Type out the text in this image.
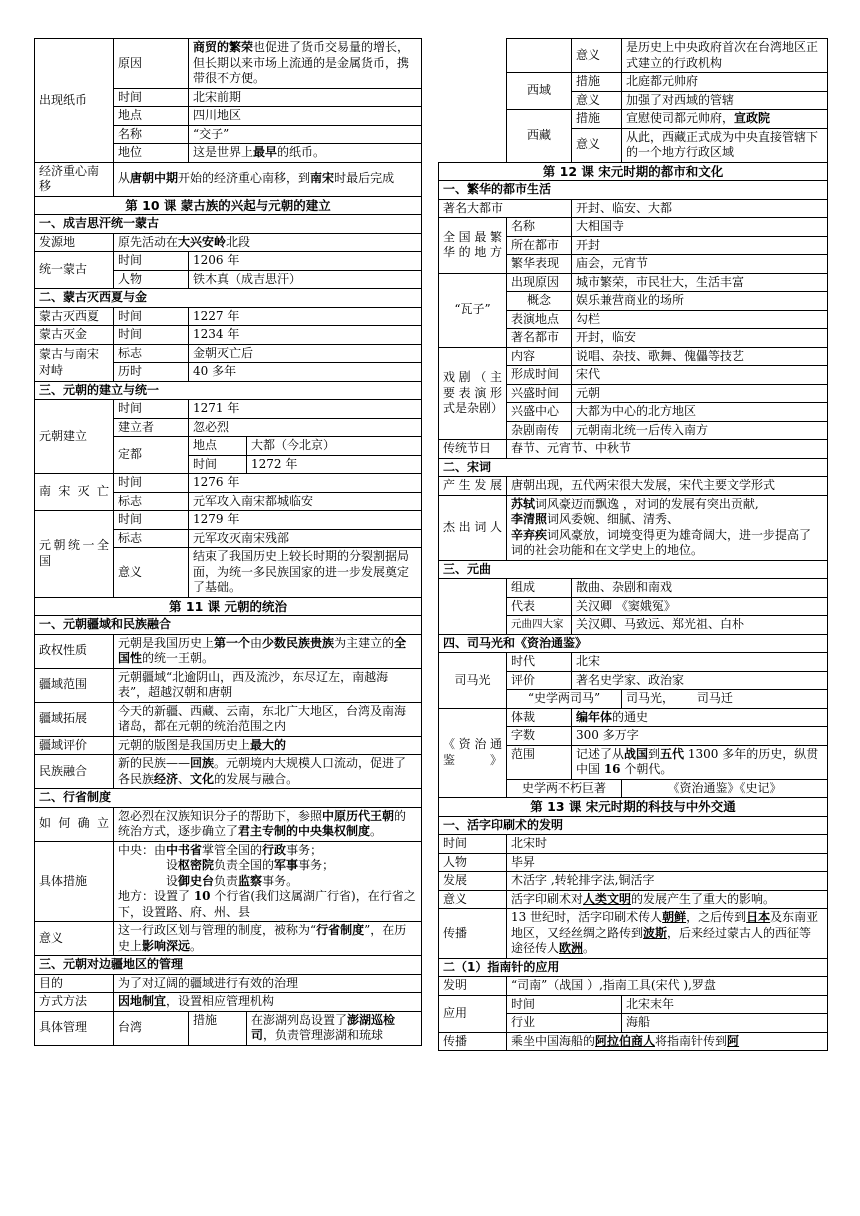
出现纸币	原因	商贸的繁荣也促进了货币交易量的增长，但长期以来市场上流通的是金属货币，携带很不方便。	
	时间	北宋前期	
	地点	四川地区	
	名称	“交子”	
	地位	这是世界上最早的纸币。	
经济重心南移	从唐朝中期开始的经济重心南移，到南宋时最后完成		
第 10 课 蒙古族的兴起与元朝的建立			
一、成吉思汗统一蒙古			
发源地	原先活动在大兴安岭北段		
统一蒙古	时间	1206 年	
	人物	铁木真（成吉思汗）	
二、蒙古灭西夏与金			
蒙古灭西夏	时间	1227 年	
蒙古灭金	时间	1234 年	
蒙古与南宋对峙	标志	金朝灭亡后	
	历时	40 多年	
三、元朝的建立与统一			
元朝建立	时间	1271 年	
	建立者	忽必烈	
	定都	地点	大都（今北京）
		时间	1272 年
南宋灭亡	时间	1276 年	
	标志	元军攻入南宋都城临安	
元朝统一全国	时间	1279 年	
	标志	元军攻灭南宋残部	
	意义	结束了我国历史上较长时期的分裂割据局面，为统一多民族国家的进一步发展奠定了基础。	
第 11 课 元朝的统治			
一、元朝疆域和民族融合			
政权性质	元朝是我国历史上第一个由少数民族贵族为主建立的全国性的统一王朝。		
疆域范围	元朝疆域“北逾阴山，西及流沙，东尽辽左，南越海表”，超越汉朝和唐朝		
疆域拓展	今天的新疆、西藏、云南，东北广大地区，台湾及南海诸岛，都在元朝的统治范围之内		
疆域评价	元朝的版图是我国历史上最大的		
民族融合	新的民族——回族。元朝境内大规模人口流动，促进了各民族经济、文化的发展与融合。		
二、行省制度			
如何确立	忽必烈在汉族知识分子的帮助下，参照中原历代王朝的统治方式，逐步确立了君主专制的中央集权制度。		
具体措施	中央：由中书省掌管全国的行政事务；
设枢密院负责全国的军事事务；
设御史台负责监察事务。
地方：设置了 10 个行省(我们这属湖广行省)，在行省之下，设置路、府、州、县		

意义	这一行政区划与管理的制度，被称为“行省制度”，在历史上影响深远。		
三、元朝对边疆地区的管理			
目的	为了对辽阔的疆域进行有效的治理		
方式方法	因地制宜，设置相应管理机构		
具体管理	台湾	措施	在澎湖列岛设置了澎湖巡检司，负责管理澎湖和琉球
		意义	是历史上中央政府首次在台湾地区正式建立的行政机构
	西域	措施	北庭都元帅府
		意义	加强了对西域的管辖
	西藏	措施	宣慰使司都元帅府，宣政院
		意义	从此，西藏正式成为中央直接管辖下的一个地方行政区域
第 12 课 宋元时期的都市和文化			
一、繁华的都市生活			
著名大都市		开封、临安、大都	
全国最繁华的地方	名称	大相国寺	
	所在都市	开封	
	繁华表现	庙会，元宵节	
“瓦子”	出现原因	城市繁荣，市民壮大，生活丰富	
	概念	娱乐兼营商业的场所	
	表演地点	勾栏	
	著名都市	开封，临安	
戏剧（主要表演形式是杂剧）	内容	说唱、杂技、歌舞、傀儡等技艺	
	形成时间	宋代	
	兴盛时间	元朝	
	兴盛中心	大都为中心的北方地区	
	杂剧南传	元朝南北统一后传入南方	
传统节日	春节、元宵节、中秋节		
二、宋词			
产生发展	唐朝出现，五代两宋很大发展，宋代主要文学形式		
杰出词人	苏轼词风豪迈而飘逸 ，对词的发展有突出贡献,
李清照词风委婉、细腻、清秀、
辛弃疾词风豪放，词境变得更为雄奇阔大，进一步提高了词的社会功能和在文学史上的地位。		
三、元曲			
	组成	散曲、杂剧和南戏	
	代表	关汉卿 《窦娥冤》	
	元曲四大家	关汉卿、马致远、郑光祖、白朴	
四、司马光和《资治通鉴》			
司马光	时代	北宋	
	评价	著名史学家、政治家	
	“史学两司马”		司马光， 司马迁
《资治通鉴》	体裁	编年体的通史	
	字数	300 多万字	
	范围	记述了从战国到五代 1300 多年的历史，纵贯中国 16 个朝代。	
	史学两不朽巨著		《资治通鉴》《史记》
第 13 课 宋元时期的科技与中外交通			
一、活字印刷术的发明			
时间	北宋时		
人物	毕昇		
发展	木活字 ,转轮排字法,铜活字		
意义	活字印刷术对人类文明的发展产生了重大的影响。		
传播	13 世纪时，活字印刷术传人朝鲜，之后传到日本及东南亚地区，又经丝绸之路传到波斯，后来经过蒙古人的西征等途径传人欧洲。		
二（1）指南针的应用			
发明	“司南”（战国 ）,指南工具(宋代 ),罗盘		
应用	时间		北宋末年
	行业		海船
传播	乘坐中国海船的阿拉伯商人将指南针传到阿		
